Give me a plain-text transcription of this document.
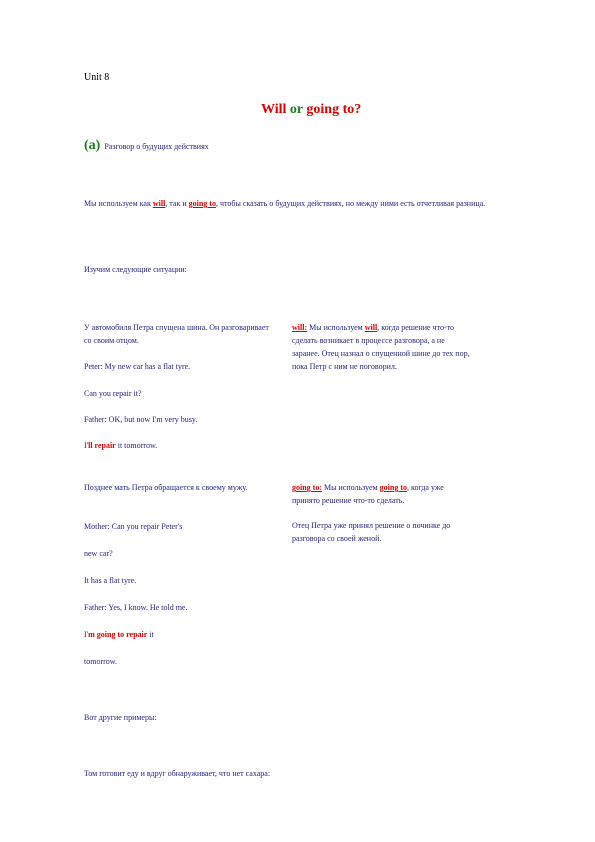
Unit 8

Will or going to?

(a) Разговор о будущих действиях

Мы используем как will, так и going to, чтобы сказать о будущих действиях, но между ними есть отчетливая разница.

Изучим следующие ситуации:

У автомобиля Петра спущена шина. Он разговаривает со своим отцом.

Peter: My new car has a flat tyre.

Can you repair it?

Father: OK, but now I'm very busy.

I'll repair it tomorrow.

will: Мы используем will, когда решение что-то сделать возникает в процессе разговора, а не заранее. Отец назнал о спущенной шине до тех пор, пока Петр с ним не поговорил.

Позднее мать Петра обращается к своему мужу.

Mother: Can you repair Peter's

new car?

It has a flat tyre.

Father: Yes, I know. He told me.

I'm going to repair it

tomorrow.

going to: Мы используем going to, когда уже принято решение что-то сделать.

Отец Петра уже принял решение о починке до разговора со своей женой.

Вот другие примеры:

Том готовит еду и вдруг обнаруживает, что нет сахара:
